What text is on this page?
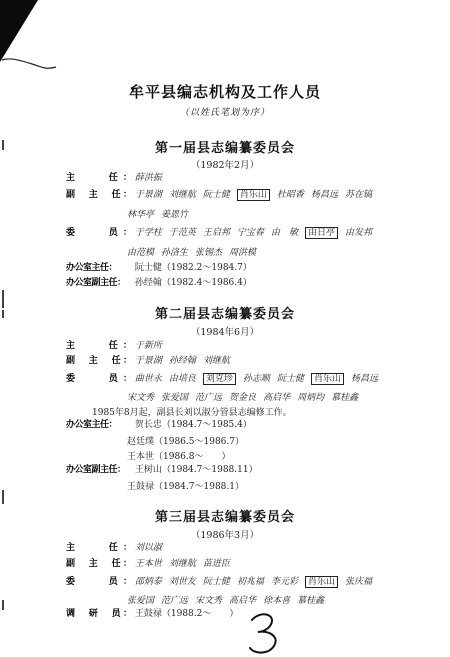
牟平县编志机构及工作人员
（以姓氏笔划为序）
第一届县志编纂委员会
（1982年2月）
主　　任： 薛洪振
副　主　任： 于景湖 刘继航 阮士健 肖乐山 杜昭香 杨昌远 苏在镐
林华亭 姜恩竹
委　　员： 于学柱 于范英 王启邦 宁宝春 由　敏 由日亭 由发邦
由范模 孙洛生 张锡杰 周洪模
办公室主任： 阮士健（1982.2～1984.7）
办公室副主任： 孙经翰（1982.4～1986.4）
第二届县志编纂委员会
（1984年6月）
主　　任： 于新所
副　主　任： 于景湖 孙经翰 刘继航
委　　员： 曲世永 由培良 刘克珍 孙志顺 阮士健 肖乐山 杨昌远
宋文秀 张爱国 范广远 贺金良 高启华 周炳均 慕桂鑫
1985年8月起，副县长刘以淑分管县志编修工作。
办公室主任： 贺长忠（1984.7～1985.4）
赵廷璞（1986.5～1986.7）
王本世（1986.8～　　）
办公室副主任： 王树山（1984.7～1988.11）
王鼓禄（1984.7～1988.1）
第三届县志编纂委员会
（1986年3月）
主　　任： 刘以淑
副　主　任： 王本世 刘继航 苗进臣
委　　员： 邵炳泰 刘世友 阮士健 初兆福 李元彩 肖乐山 张庆福
张爱国 范广远 宋文秀 高启华 徐本喜 慕桂鑫
调　研　员： 王鼓禄（1988.2～　　）
